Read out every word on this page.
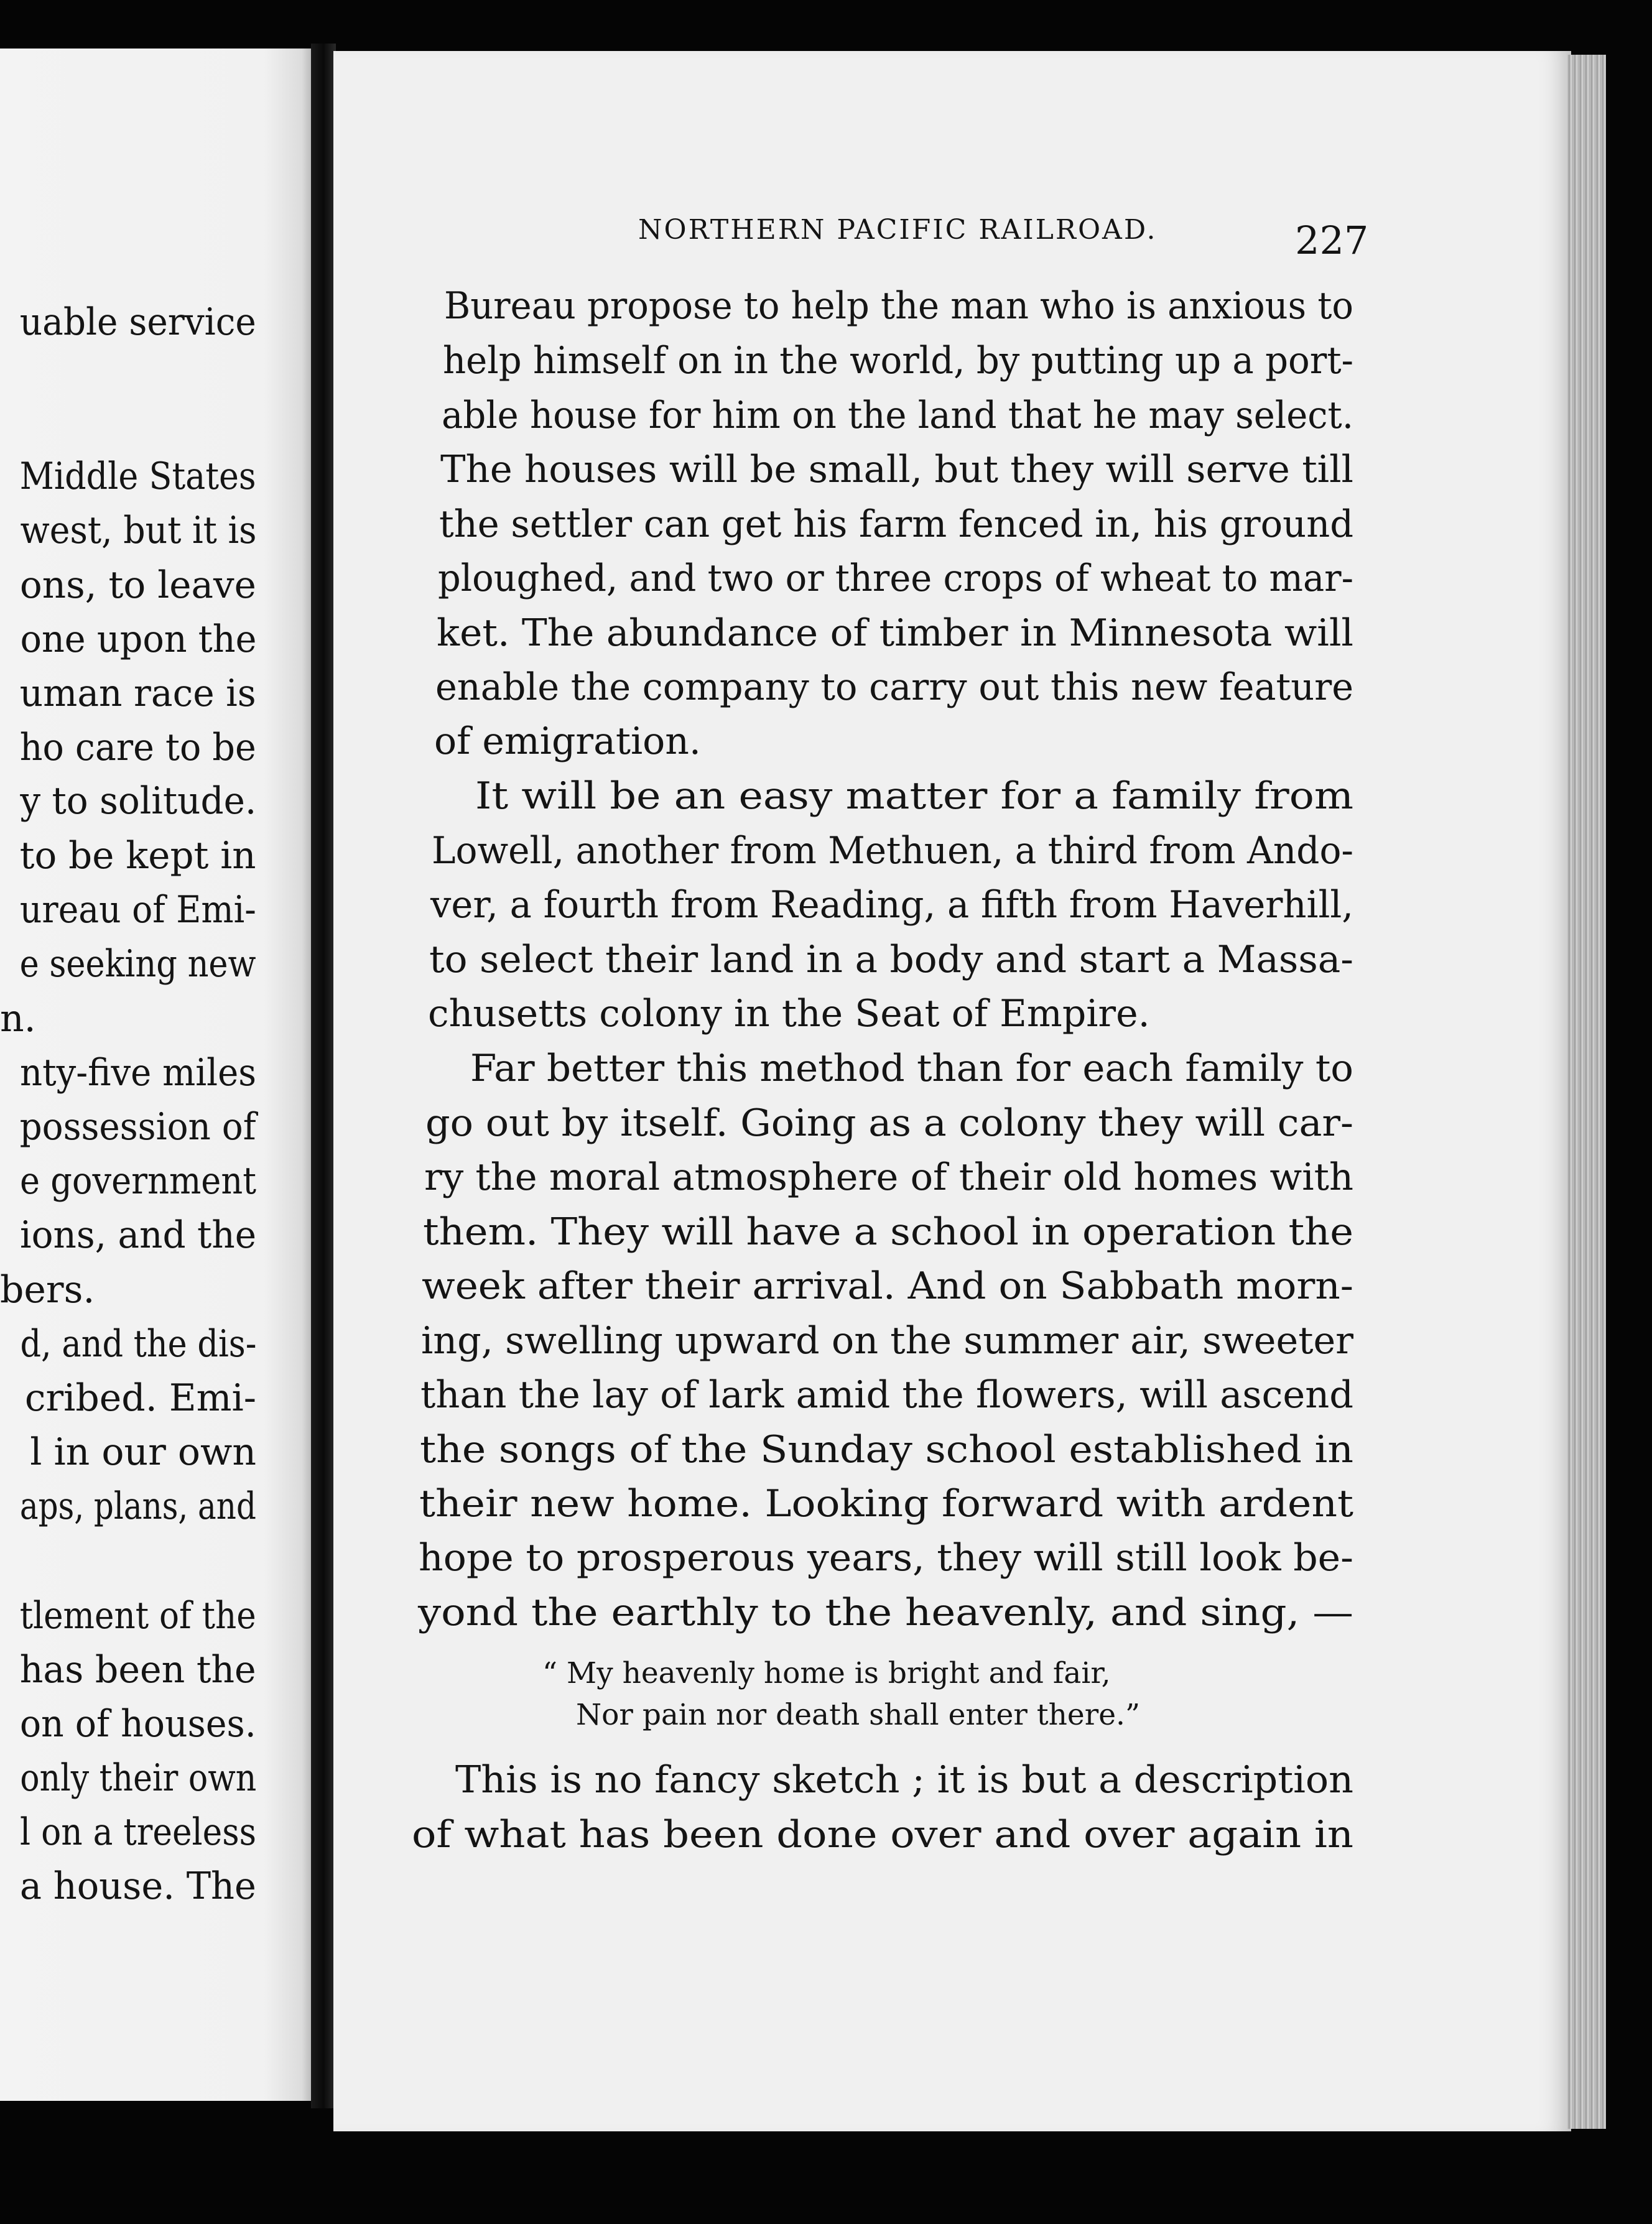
uable service
Middle States
west, but it is
ons, to leave
one upon the
uman race is
ho care to be
y to solitude.
to be kept in
ureau of Emi-
e seeking new
n.
nty-five miles
possession of
e government
ions, and the
bers.
d, and the dis-
cribed. Emi-
l in our own
aps, plans, and
tlement of the
has been the
on of houses.
only their own
l on a treeless
a house. The
NORTHERN PACIFIC RAILROAD.	227
Bureau propose to help the man who is anxious to
help himself on in the world, by putting up a port-
able house for him on the land that he may select.
The houses will be small, but they will serve till
the settler can get his farm fenced in, his ground
ploughed, and two or three crops of wheat to mar-
ket. The abundance of timber in Minnesota will
enable the company to carry out this new feature
of emigration.
It will be an easy matter for a family from
Lowell, another from Methuen, a third from Ando-
ver, a fourth from Reading, a fifth from Haverhill,
to select their land in a body and start a Massa-
chusetts colony in the Seat of Empire.
Far better this method than for each family to
go out by itself. Going as a colony they will car-
ry the moral atmosphere of their old homes with
them. They will have a school in operation the
week after their arrival. And on Sabbath morn-
ing, swelling upward on the summer air, sweeter
than the lay of lark amid the flowers, will ascend
the songs of the Sunday school established in
their new home. Looking forward with ardent
hope to prosperous years, they will still look be-
yond the earthly to the heavenly, and sing, —
“ My heavenly home is bright and fair,
Nor pain nor death shall enter there.”
This is no fancy sketch ; it is but a description
of what has been done over and over again in
